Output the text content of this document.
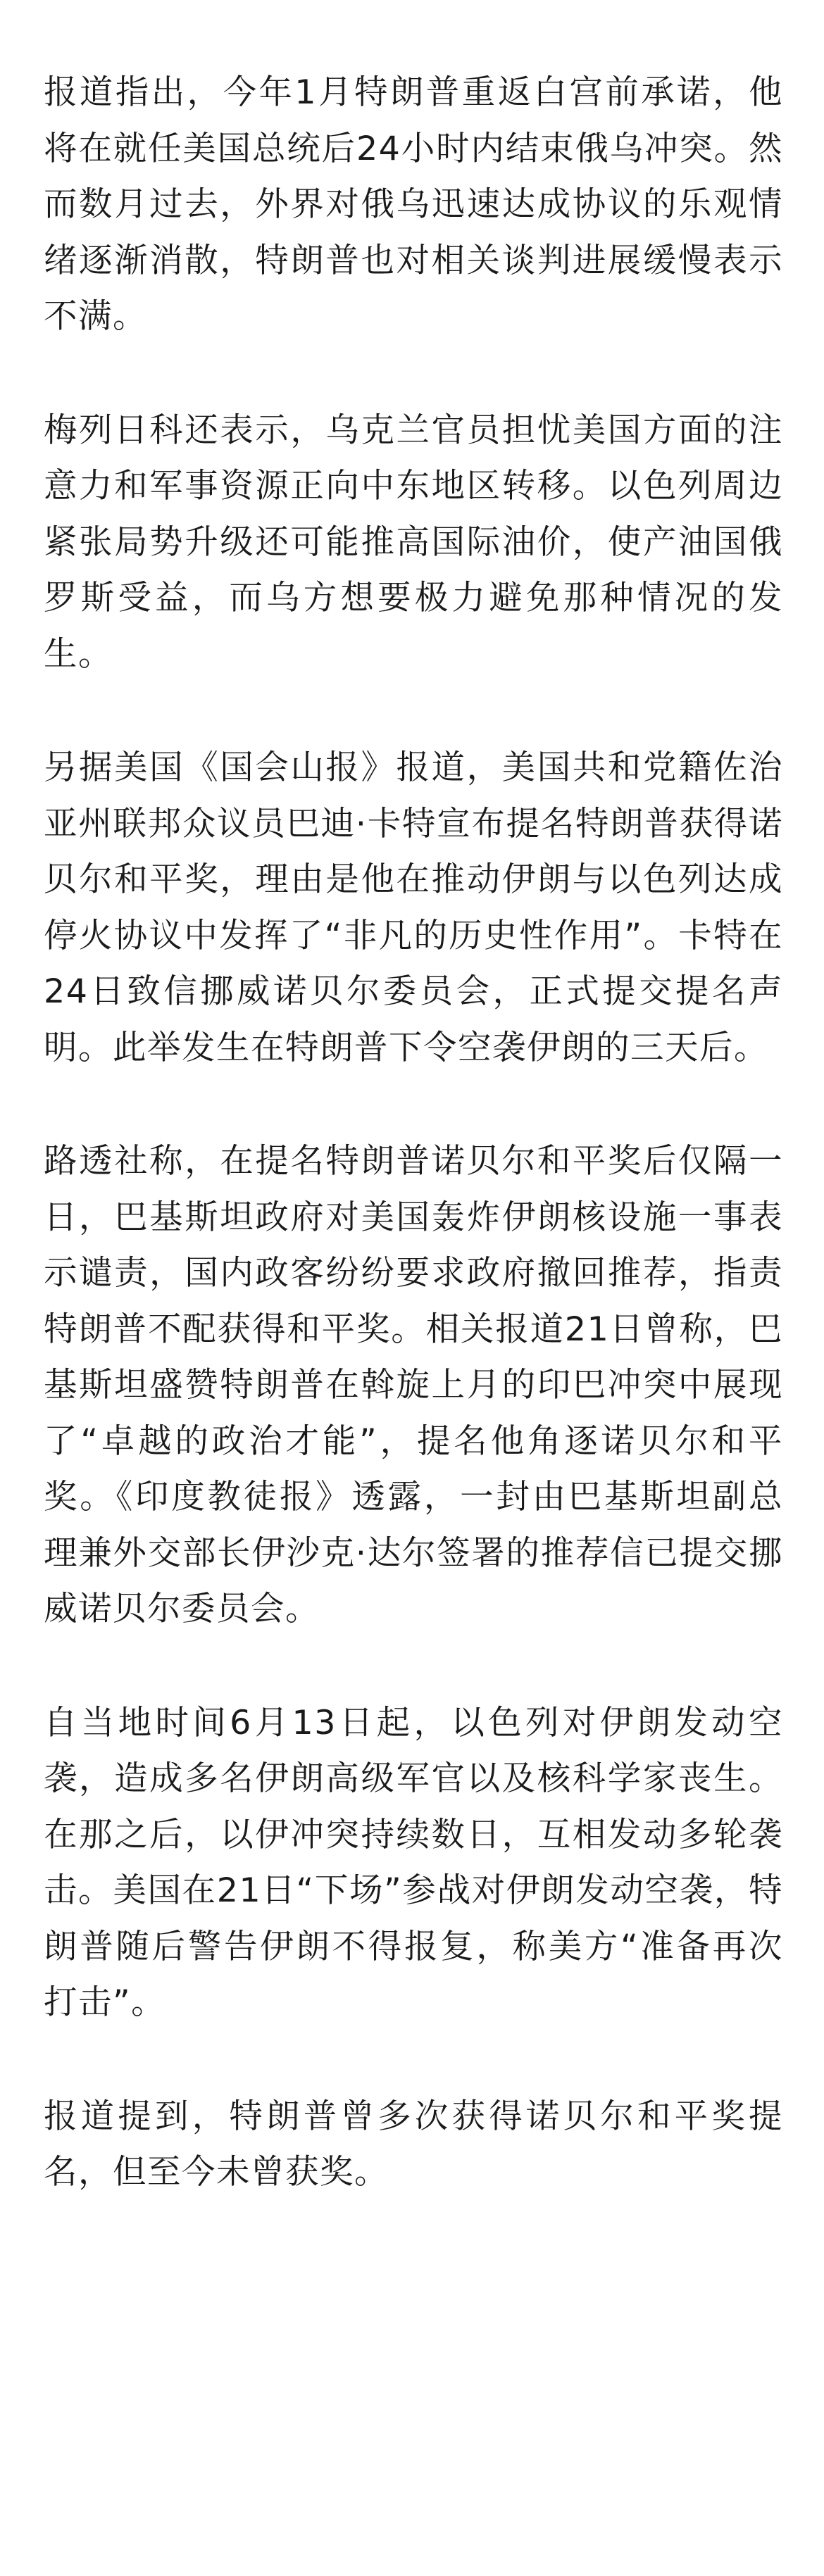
报道指出，今年1月特朗普重返白宫前承诺，他将在就任美国总统后24小时内结束俄乌冲突。然而数月过去，外界对俄乌迅速达成协议的乐观情绪逐渐消散，特朗普也对相关谈判进展缓慢表示不满。

梅列日科还表示，乌克兰官员担忧美国方面的注意力和军事资源正向中东地区转移。以色列周边紧张局势升级还可能推高国际油价，使产油国俄罗斯受益，而乌方想要极力避免那种情况的发生。

另据美国《国会山报》报道，美国共和党籍佐治亚州联邦众议员巴迪·卡特宣布提名特朗普获得诺贝尔和平奖，理由是他在推动伊朗与以色列达成停火协议中发挥了“非凡的历史性作用”。卡特在24日致信挪威诺贝尔委员会，正式提交提名声明。此举发生在特朗普下令空袭伊朗的三天后。

路透社称，在提名特朗普诺贝尔和平奖后仅隔一日，巴基斯坦政府对美国轰炸伊朗核设施一事表示谴责，国内政客纷纷要求政府撤回推荐，指责特朗普不配获得和平奖。相关报道21日曾称，巴基斯坦盛赞特朗普在斡旋上月的印巴冲突中展现了“卓越的政治才能”，提名他角逐诺贝尔和平奖。《印度教徒报》透露，一封由巴基斯坦副总理兼外交部长伊沙克·达尔签署的推荐信已提交挪威诺贝尔委员会。

自当地时间6月13日起，以色列对伊朗发动空袭，造成多名伊朗高级军官以及核科学家丧生。在那之后，以伊冲突持续数日，互相发动多轮袭击。美国在21日“下场”参战对伊朗发动空袭，特朗普随后警告伊朗不得报复，称美方“准备再次打击”。

报道提到，特朗普曾多次获得诺贝尔和平奖提名，但至今未曾获奖。
